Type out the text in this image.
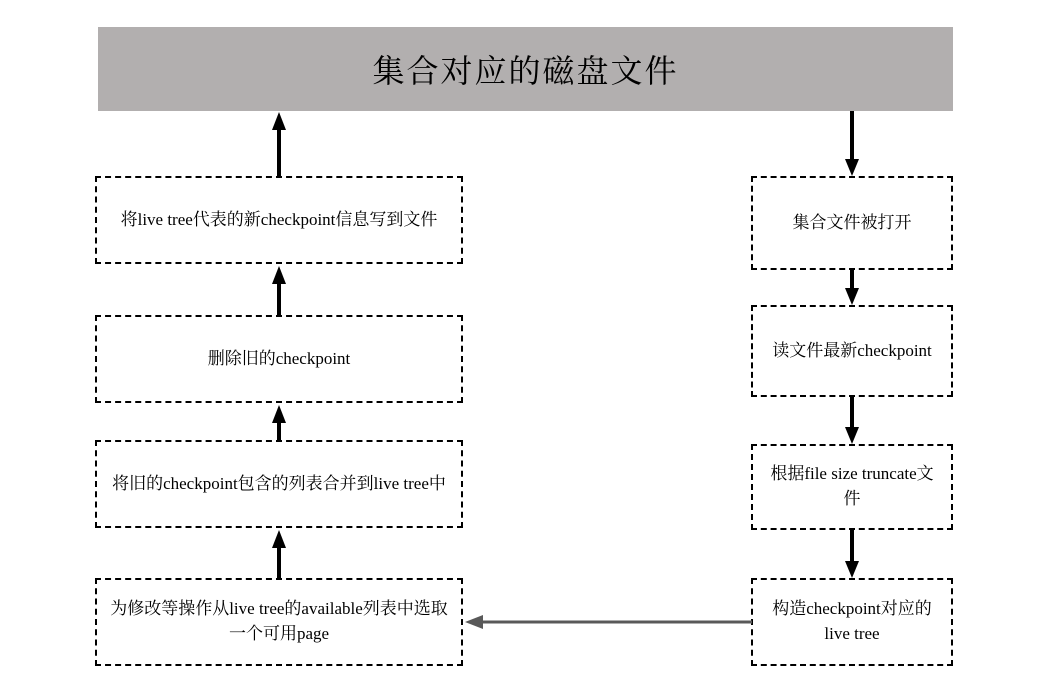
集合对应的磁盘文件
将live tree代表的新checkpoint信息写到文件
删除旧的checkpoint
将旧的checkpoint包含的列表合并到live tree中
为修改等操作从live tree的available列表中选取一个可用page
集合文件被打开
读文件最新checkpoint
根据file size truncate文件
构造checkpoint对应的live tree
